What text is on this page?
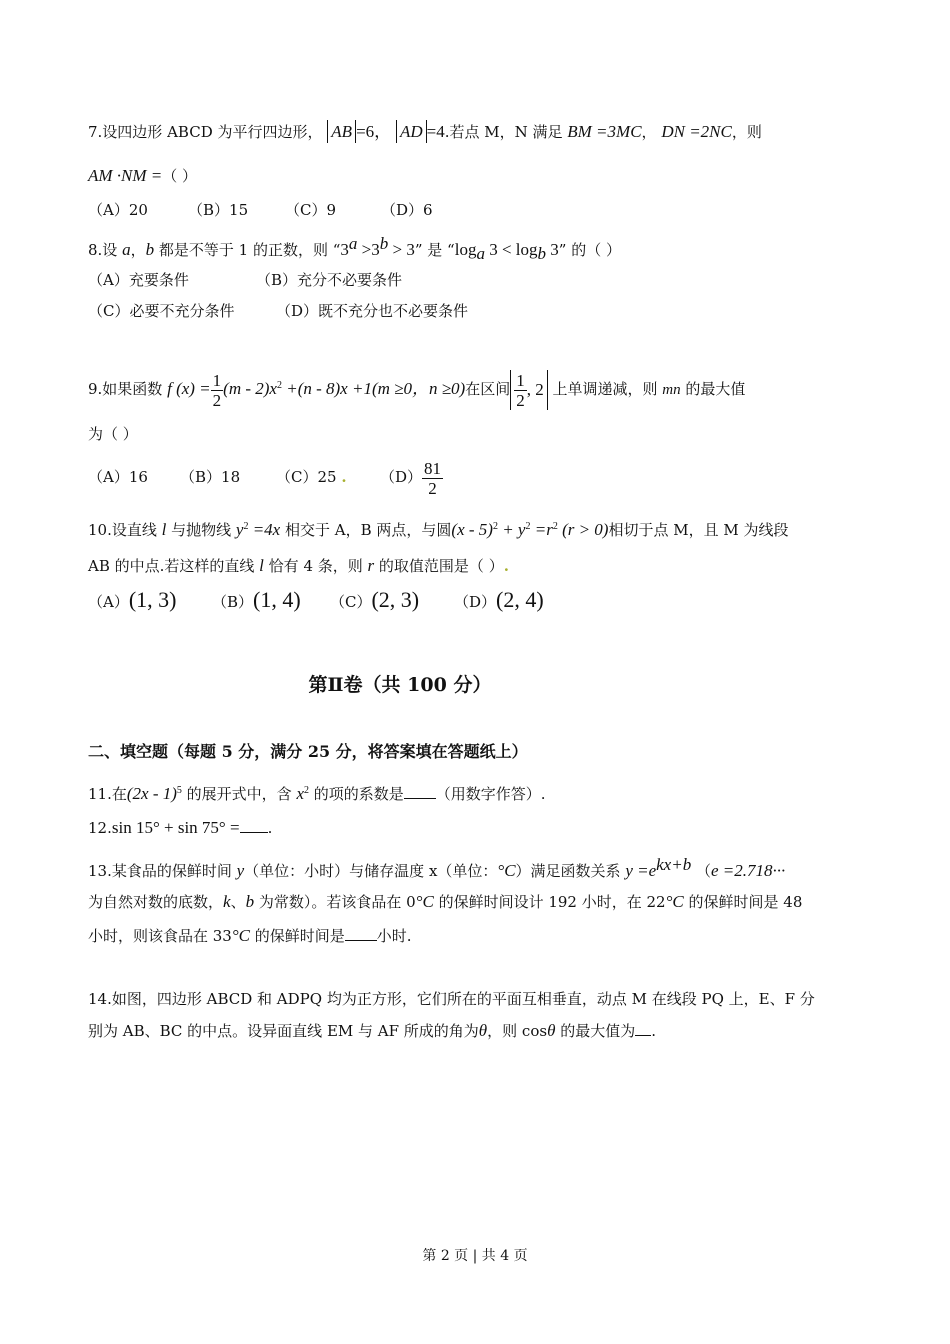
7.设四边形 ABCD 为平行四边形， AB =6， AD =4.若点 M，N 满足 BM =3MC， DN =2NC，则
AM ·NM =（ ）
（A）20	（B）15 （C）9	（D）6
8.设 a，b 都是不等于 1 的正数，则 “$3^a >3^b > 3$” 是 “$\log_a$ $3 < \log_b 3$” 的（ ）
（A）充要条件	（B）充分不必要条件
（C）必要不充分条件	（D）既不充分也不必要条件
9.如果函数 f $(x) = \frac{1}{2} (m - 2)x^2 +(n - 8)x +1(m \ge 0$，n ≥0)在区间 $\frac{1}{2}$ , 2 上单调递减，则 mn 的最大值
为（ ）
（A）16 （B）18 （C）25 . $(D) \frac{81}{2}$
10.设直线 l 与抛物线 $y^2 =4x$ 相交于 A，B 两点，与圆$(x - 5)^2 + y^2 =r^2$ (r > 0)相切于点 M，且 M 为线段
AB 的中点.若这样的直线 l 恰有 4 条，则 r 的取值范围是（ ）.
（A）(1, 3) （B）(1, 4) （C）(2, 3) （D）(2, 4)
第Ⅱ卷（共 100 分）
二、填空题（每题 5 分，满分 25 分，将答案填在答题纸上）
11.在(2x - 1)$^5$ 的展开式中，含 $x^2$ 的项的系数是 （用数字作答）.
12.sin 15° + sin 75° = .
13.某食品的保鲜时间 y（单位：小时）与储存温度 x（单位：°C）满足函数关系 $y =e^{kx+b}$ （e =2.718···
为自然对数的底数，k、b 为常数）。若该食品在 0°C 的保鲜时间设计 192 小时，在 22°C 的保鲜时间是 48
小时，则该食品在 33°C 的保鲜时间是 小时.
14.如图，四边形 ABCD 和 ADPQ 均为正方形，它们所在的平面互相垂直，动点 M 在线段 PQ 上，E、F 分
别为 AB、BC 的中点。设异面直线 EM 与 AF 所成的角为θ，则 cosθ 的最大值为 .
第 2 页 | 共 4 页
